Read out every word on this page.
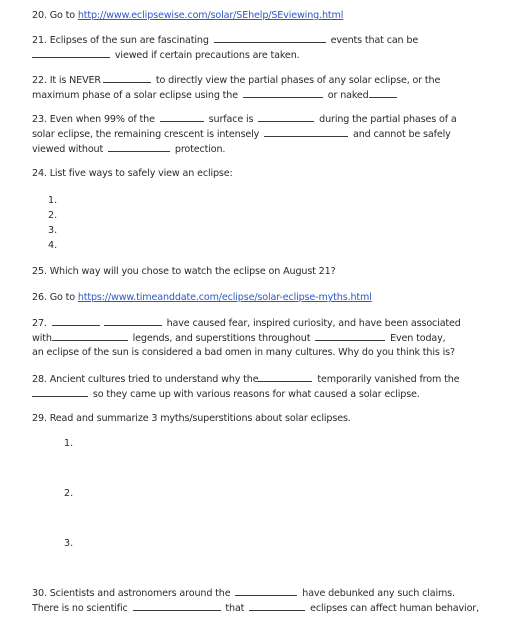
20. Go to http://www.eclipsewise.com/solar/SEhelp/SEviewing.html
21. Eclipses of the sun are fascinating	events that can be
viewed if certain precautions are taken.
22. It is NEVER	to directly view the partial phases of any solar eclipse, or the
maximum phase of a solar eclipse using the	or naked
23. Even when 99% of the	surface is	during the partial phases of a
solar eclipse, the remaining crescent is intensely	and cannot be safely
viewed without	protection.
24. List five ways to safely view an eclipse:
1.
2.
3.
4.
25. Which way will you chose to watch the eclipse on August 21?
26. Go to https://www.timeanddate.com/eclipse/solar-eclipse-myths.html
27.	have caused fear, inspired curiosity, and have been associated
with	legends, and superstitions throughout	Even today,
an eclipse of the sun is considered a bad omen in many cultures. Why do you think this is?
28. Ancient cultures tried to understand why the	temporarily vanished from the
so they came up with various reasons for what caused a solar eclipse.
29. Read and summarize 3 myths/superstitions about solar eclipses.
1.
2.
3.
30. Scientists and astronomers around the	have debunked any such claims.
There is no scientific	that	eclipses can affect human behavior,
